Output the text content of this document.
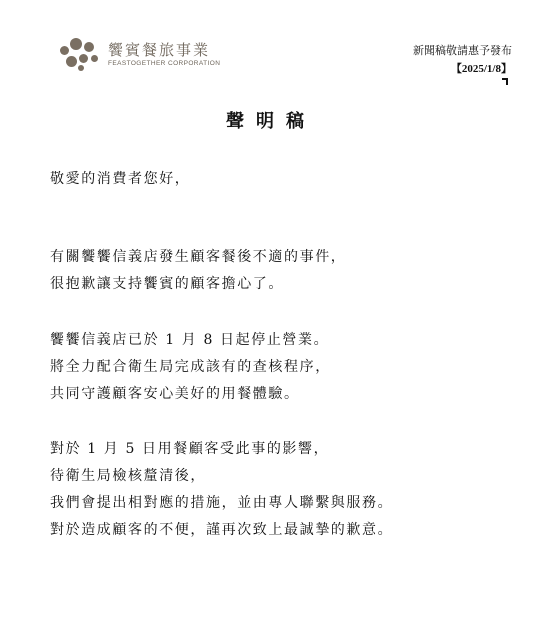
饗賓餐旅事業
FEASTOGETHER CORPORATION
新聞稿敬請惠予發布
【2025/1/8】
聲明稿
敬愛的消費者您好，
有關饗饗信義店發生顧客餐後不適的事件，
很抱歉讓支持饗賓的顧客擔心了。
饗饗信義店已於 1 月 8 日起停止營業。
將全力配合衛生局完成該有的查核程序，
共同守護顧客安心美好的用餐體驗。
對於 1 月 5 日用餐顧客受此事的影響，
待衛生局檢核釐清後，
我們會提出相對應的措施，並由專人聯繫與服務。
對於造成顧客的不便，謹再次致上最誠摯的歉意。
